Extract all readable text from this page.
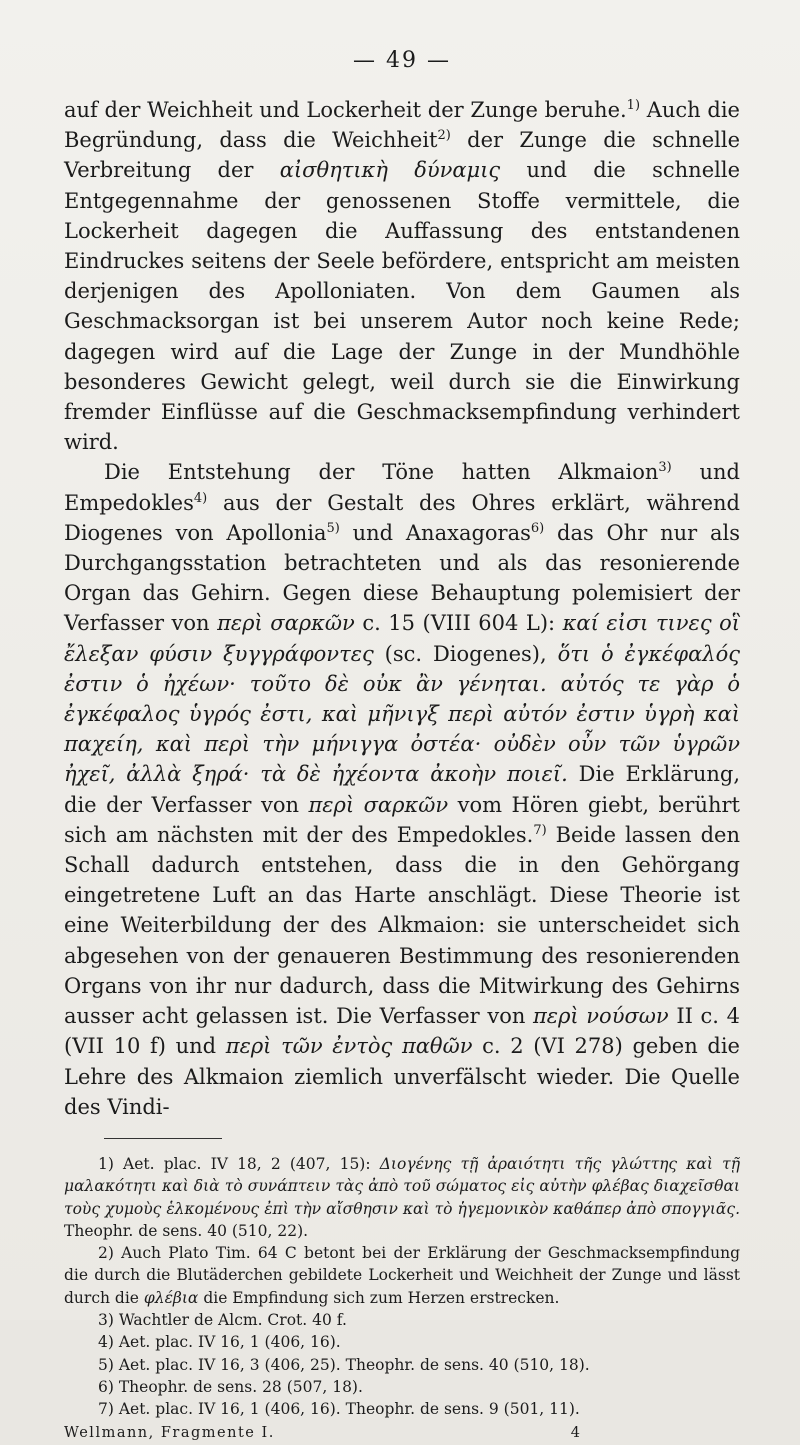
— 49 —

auf der Weichheit und Lockerheit der Zunge beruhe.$^{1)}$ Auch die Begründung, dass die Weichheit$^{2)}$ der Zunge die schnelle Verbreitung der αἰσθητικὴ δύναμις und die schnelle Entgegennahme der genossenen Stoffe vermittele, die Lockerheit dagegen die Auffassung des entstandenen Eindruckes seitens der Seele befördere, entspricht am meisten derjenigen des Apolloniaten. Von dem Gaumen als Geschmacksorgan ist bei unserem Autor noch keine Rede; dagegen wird auf die Lage der Zunge in der Mundhöhle besonderes Gewicht gelegt, weil durch sie die Einwirkung fremder Einflüsse auf die Geschmacksempfindung verhindert wird.

Die Entstehung der Töne hatten Alkmaion$^{3)}$ und Empedokles$^{4)}$ aus der Gestalt des Ohres erklärt, während Diogenes von Apollonia$^{5)}$ und Anaxagoras$^{6)}$ das Ohr nur als Durchgangsstation betrachteten und als das resonierende Organ das Gehirn. Gegen diese Behauptung polemisiert der Verfasser von περὶ σαρκῶν c. 15 (VIII 604 L): καί εἰσι τινες οἳ ἔλεξαν φύσιν ξυγγράφοντες (sc. Diogenes), ὅτι ὁ ἐγκέφαλός ἐστιν ὁ ἠχέων· τοῦτο δὲ οὐκ ἂν γένηται. αὐτός τε γὰρ ὁ ἐγκέφαλος ὑγρός ἐστι, καὶ μῆνιγξ περὶ αὐτόν ἐστιν ὑγρὴ καὶ παχείη, καὶ περὶ τὴν μήνιγγα ὀστέα· οὐδὲν οὖν τῶν ὑγρῶν ἠχεῖ, ἀλλὰ ξηρά· τὰ δὲ ἠχέοντα ἀκοὴν ποιεῖ. Die Erklärung, die der Verfasser von περὶ σαρκῶν vom Hören giebt, berührt sich am nächsten mit der des Empedokles.$^{7)}$ Beide lassen den Schall dadurch entstehen, dass die in den Gehörgang eingetretene Luft an das Harte anschlägt. Diese Theorie ist eine Weiterbildung der des Alkmaion: sie unterscheidet sich abgesehen von der genaueren Bestimmung des resonierenden Organs von ihr nur dadurch, dass die Mitwirkung des Gehirns ausser acht gelassen ist. Die Verfasser von περὶ νούσων II c. 4 (VII 10 f) und περὶ τῶν ἐντὸς παθῶν c. 2 (VI 278) geben die Lehre des Alkmaion ziemlich unverfälscht wieder. Die Quelle des Vindi-

1) Aet. plac. IV 18, 2 (407, 15): Διογένης τῇ ἀραιότητι τῆς γλώττης καὶ τῇ μαλακότητι καὶ διὰ τὸ συνάπτειν τὰς ἀπὸ τοῦ σώματος εἰς αὐτὴν φλέβας διαχεῖσθαι τοὺς χυμοὺς ἑλκομένους ἐπὶ τὴν αἴσθησιν καὶ τὸ ἡγεμονικὸν καθάπερ ἀπὸ σπογγιᾶς. Theophr. de sens. 40 (510, 22).
2) Auch Plato Tim. 64 C betont bei der Erklärung der Geschmacksempfindung die durch die Blutäderchen gebildete Lockerheit und Weichheit der Zunge und lässt durch die φλέβια die Empfindung sich zum Herzen erstrecken.
3) Wachtler de Alcm. Crot. 40 f.
4) Aet. plac. IV 16, 1 (406, 16).
5) Aet. plac. IV 16, 3 (406, 25). Theophr. de sens. 40 (510, 18).
6) Theophr. de sens. 28 (507, 18).
7) Aet. plac. IV 16, 1 (406, 16). Theophr. de sens. 9 (501, 11).
Wellmann, Fragmente I.	4
